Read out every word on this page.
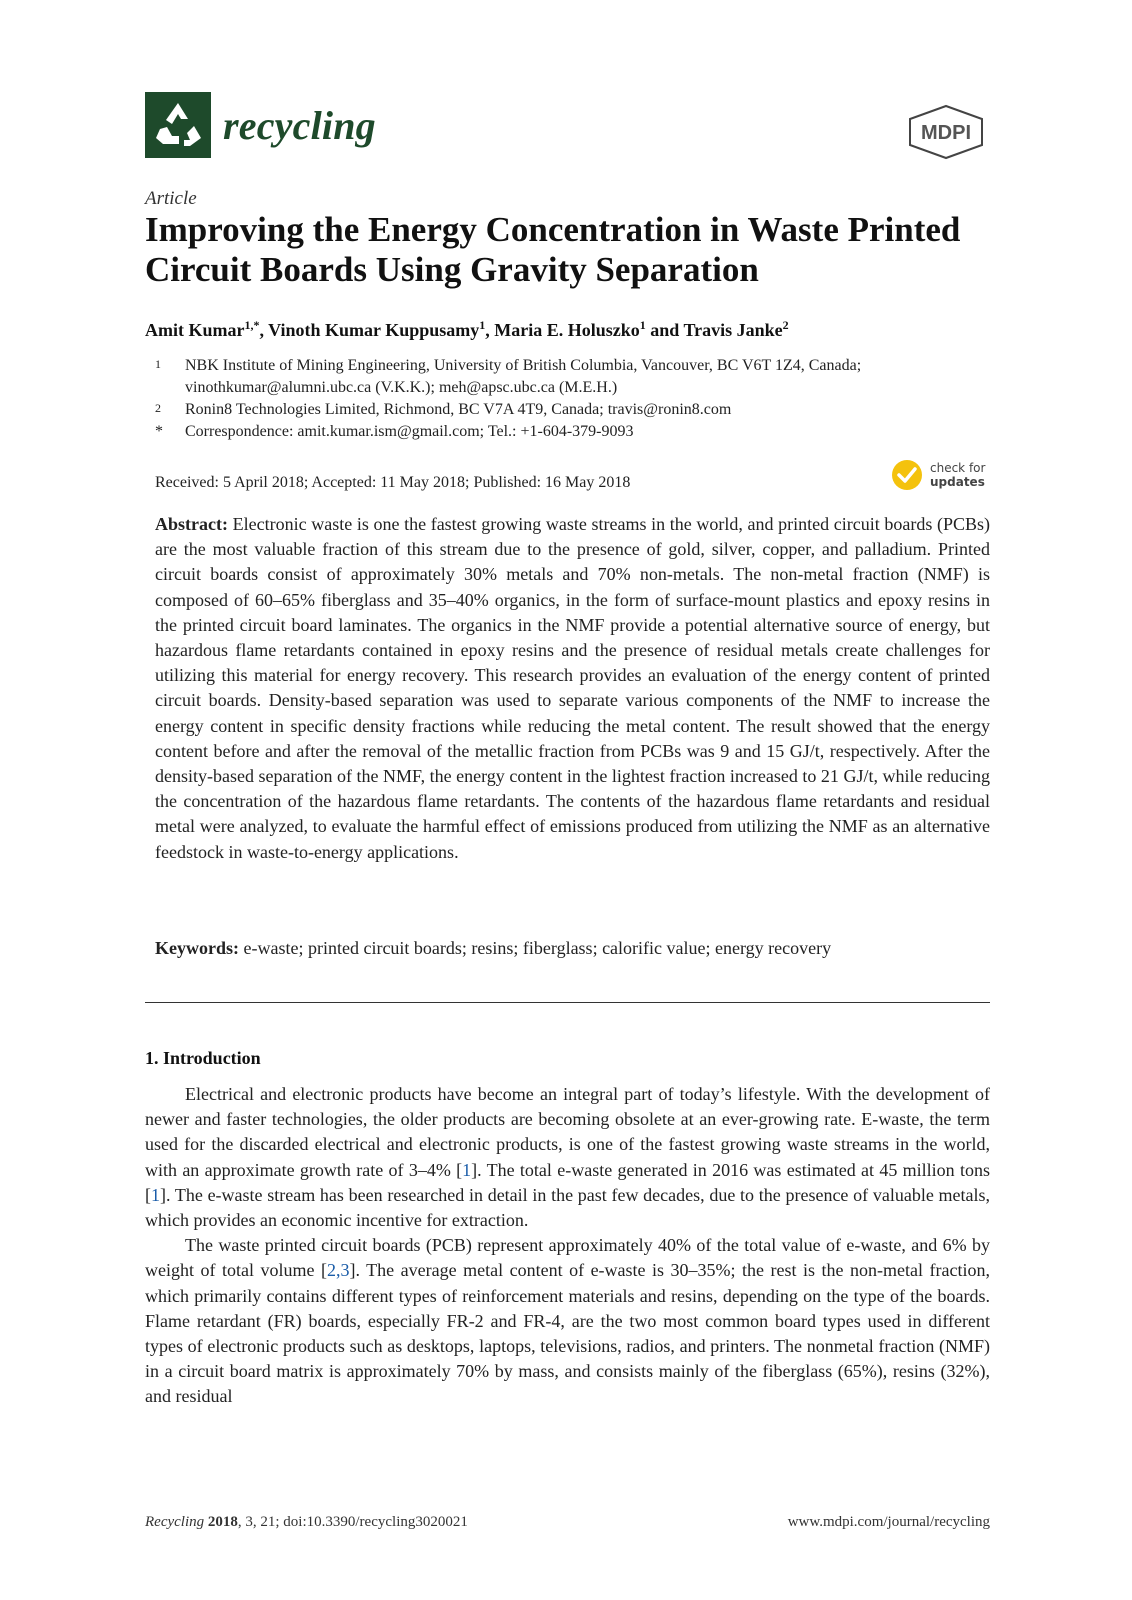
recycling	MDPI
Article
Improving the Energy Concentration in Waste Printed Circuit Boards Using Gravity Separation
Amit Kumar$^{1,*}$, Vinoth Kumar Kuppusamy$^1$, Maria E. Holuszko$^1$ and Travis Janke$^2$
1 NBK Institute of Mining Engineering, University of British Columbia, Vancouver, BC V6T 1Z4, Canada; vinothkumar@alumni.ubc.ca (V.K.K.); meh@apsc.ubc.ca (M.E.H.)
2 Ronin8 Technologies Limited, Richmond, BC V7A 4T9, Canada; travis@ronin8.com
* Correspondence: amit.kumar.ism@gmail.com; Tel.: +1-604-379-9093
Received: 5 April 2018; Accepted: 11 May 2018; Published: 16 May 2018
check for
updates

Abstract: Electronic waste is one the fastest growing waste streams in the world, and printed circuit boards (PCBs) are the most valuable fraction of this stream due to the presence of gold, silver, copper, and palladium. Printed circuit boards consist of approximately 30% metals and 70% non-metals. The non-metal fraction (NMF) is composed of 60–65% fiberglass and 35–40% organics, in the form of surface-mount plastics and epoxy resins in the printed circuit board laminates. The organics in the NMF provide a potential alternative source of energy, but hazardous flame retardants contained in epoxy resins and the presence of residual metals create challenges for utilizing this material for energy recovery. This research provides an evaluation of the energy content of printed circuit boards. Density-based separation was used to separate various components of the NMF to increase the energy content in specific density fractions while reducing the metal content. The result showed that the energy content before and after the removal of the metallic fraction from PCBs was 9 and 15 GJ/t, respectively. After the density-based separation of the NMF, the energy content in the lightest fraction increased to 21 GJ/t, while reducing the concentration of the hazardous flame retardants. The contents of the hazardous flame retardants and residual metal were analyzed, to evaluate the harmful effect of emissions produced from utilizing the NMF as an alternative feedstock in waste-to-energy applications.

Keywords: e-waste; printed circuit boards; resins; fiberglass; calorific value; energy recovery

1. Introduction

Electrical and electronic products have become an integral part of today’s lifestyle. With the development of newer and faster technologies, the older products are becoming obsolete at an ever-growing rate. E-waste, the term used for the discarded electrical and electronic products, is one of the fastest growing waste streams in the world, with an approximate growth rate of 3–4% [1]. The total e-waste generated in 2016 was estimated at 45 million tons [1]. The e-waste stream has been researched in detail in the past few decades, due to the presence of valuable metals, which provides an economic incentive for extraction.

The waste printed circuit boards (PCB) represent approximately 40% of the total value of e-waste, and 6% by weight of total volume [2,3]. The average metal content of e-waste is 30–35%; the rest is the non-metal fraction, which primarily contains different types of reinforcement materials and resins, depending on the type of the boards. Flame retardant (FR) boards, especially FR-2 and FR-4, are the two most common board types used in different types of electronic products such as desktops, laptops, televisions, radios, and printers. The nonmetal fraction (NMF) in a circuit board matrix is approximately 70% by mass, and consists mainly of the fiberglass (65%), resins (32%), and residual

Recycling 2018, 3, 21; doi:10.3390/recycling3020021	www.mdpi.com/journal/recycling
